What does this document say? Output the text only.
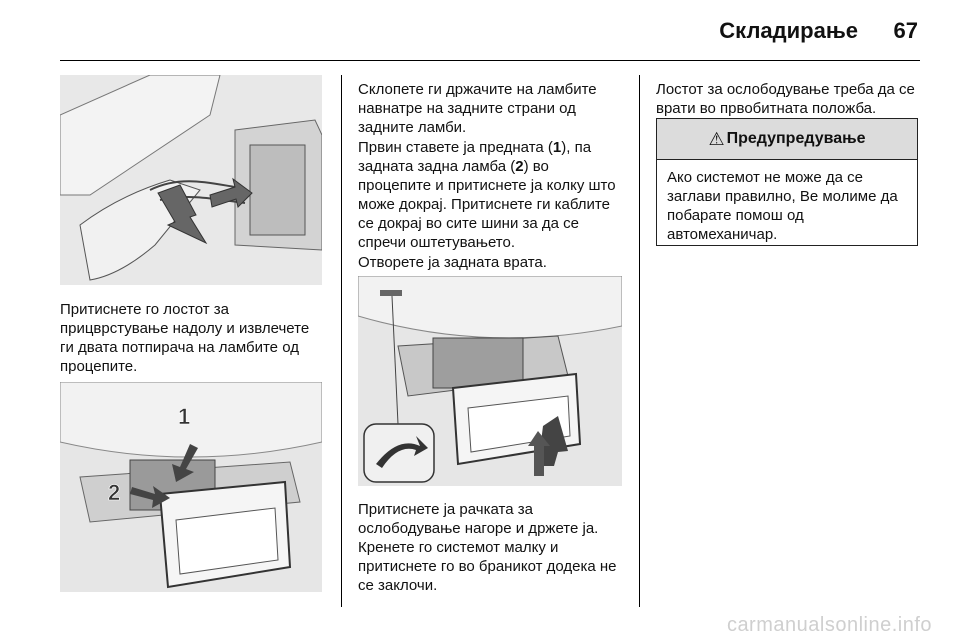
Складирање 67

Притиснете го лостот за прицврстување надолу и извлечете ги двата потпирача на ламбите од процепите.

1
2

Склопете ги држачите на ламбите навнатре на задните страни од задните ламби.

Првин ставете ја предната (1), па задната задна ламба (2) во процепите и притиснете ја колку што може докрај. Притиснете ги каблите се докрај во сите шини за да се спречи оштетувањето.

Отворете ја задната врата.

Притиснете ја рачката за ослободување нагоре и држете ја. Кренете го системот малку и притиснете го во браникот додека не се заклочи.

Лостот за ослободување треба да се врати во првобитната положба.

⚠ Предупредување

Ако системот не може да се заглави правилно, Ве молиме да побарате помош од автомеханичар.

carmanualsonline.info
